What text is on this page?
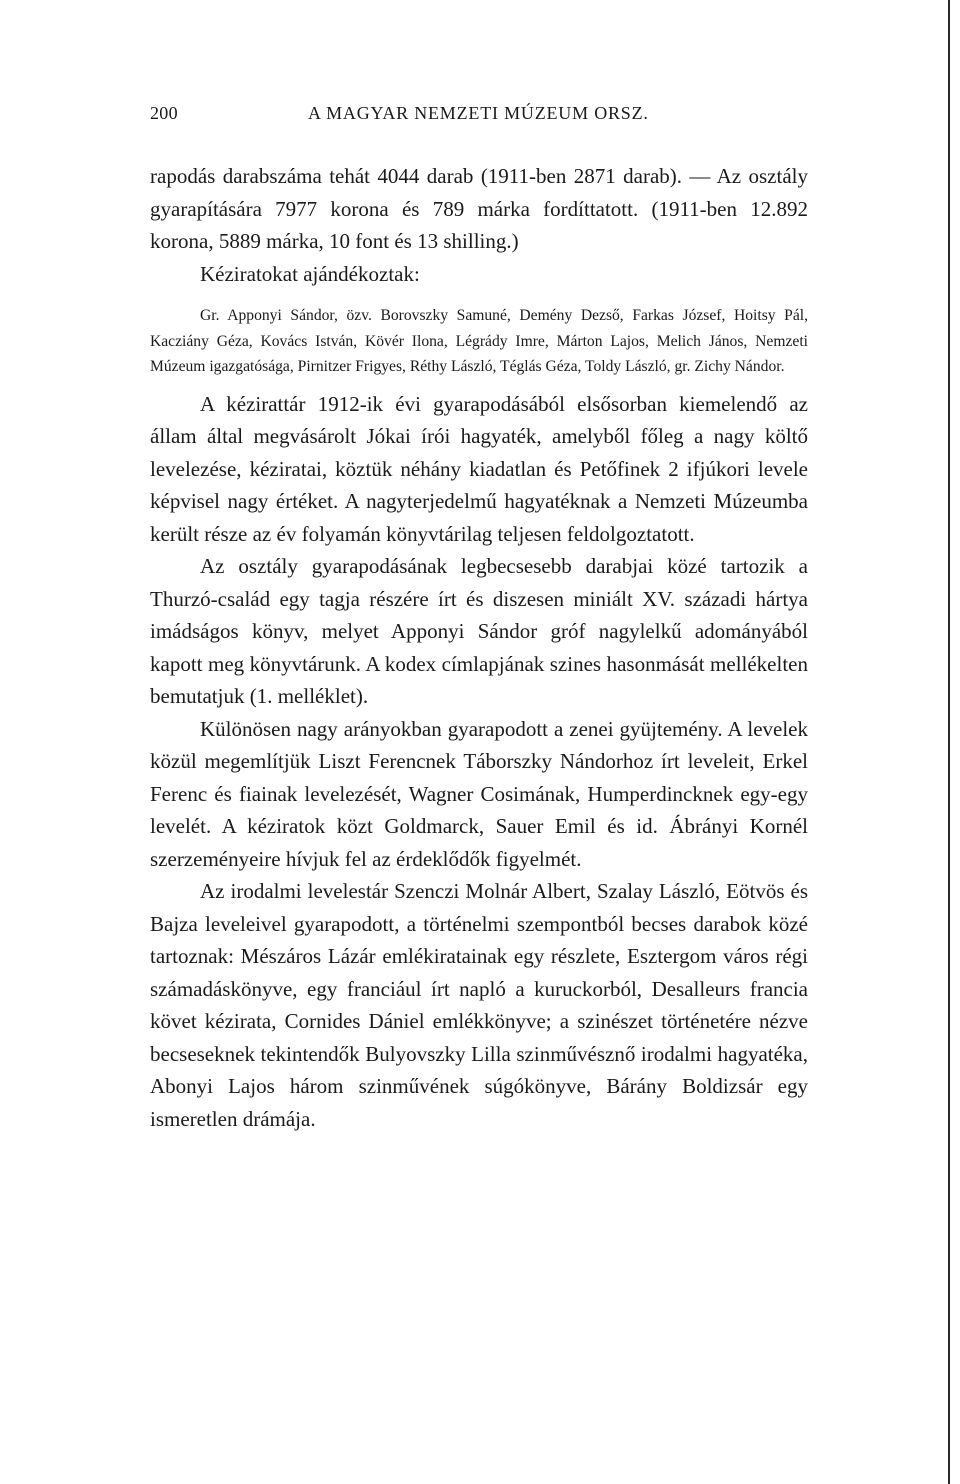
200	A MAGYAR NEMZETI MÚZEUM ORSZ.

rapodás darabszáma tehát 4044 darab (1911-ben 2871 darab). — Az osztály gyarapítására 7977 korona és 789 márka fordíttatott. (1911-ben 12.892 korona, 5889 márka, 10 font és 13 shilling.)

Kéziratokat ajándékoztak:

Gr. Apponyi Sándor, özv. Borovszky Samuné, Demény Dezső, Farkas József, Hoitsy Pál, Kacziány Géza, Kovács István, Kövér Ilona, Légrády Imre, Márton Lajos, Melich János, Nemzeti Múzeum igazgatósága, Pirnitzer Frigyes, Réthy László, Téglás Géza, Toldy László, gr. Zichy Nándor.

A kézirattár 1912-ik évi gyarapodásából elsősorban kiemelendő az állam által megvásárolt Jókai írói hagyaték, amelyből főleg a nagy költő levelezése, kéziratai, köztük néhány kiadatlan és Petőfinek 2 ifjúkori levele képvisel nagy értéket. A nagyterjedelmű hagyatéknak a Nemzeti Múzeumba került része az év folyamán könyvtárilag teljesen feldolgoztatott.

Az osztály gyarapodásának legbecsesebb darabjai közé tartozik a Thurzó-család egy tagja részére írt és diszesen miniált XV. századi hártya imádságos könyv, melyet Apponyi Sándor gróf nagylelkű adományából kapott meg könyvtárunk. A kodex címlapjának szines hasonmását mellékelten bemutatjuk (1. melléklet).

Különösen nagy arányokban gyarapodott a zenei gyüjtemény. A levelek közül megemlítjük Liszt Ferencnek Táborszky Nándorhoz írt leveleit, Erkel Ferenc és fiainak levelezését, Wagner Cosimának, Humperdincknek egy-egy levelét. A kéziratok közt Goldmarck, Sauer Emil és id. Ábrányi Kornél szerzeményeire hívjuk fel az érdeklődők figyelmét.

Az irodalmi levelestár Szenczi Molnár Albert, Szalay László, Eötvös és Bajza leveleivel gyarapodott, a történelmi szempontból becses darabok közé tartoznak: Mészáros Lázár emlékiratainak egy részlete, Esztergom város régi számadáskönyve, egy franciául írt napló a kuruckorból, Desalleurs francia követ kézirata, Cornides Dániel emlékkönyve; a szinészet történetére nézve becseseknek tekintendők Bulyovszky Lilla szinművésznő irodalmi hagyatéka, Abonyi Lajos három szinművének súgókönyve, Bárány Boldizsár egy ismeretlen drámája.
